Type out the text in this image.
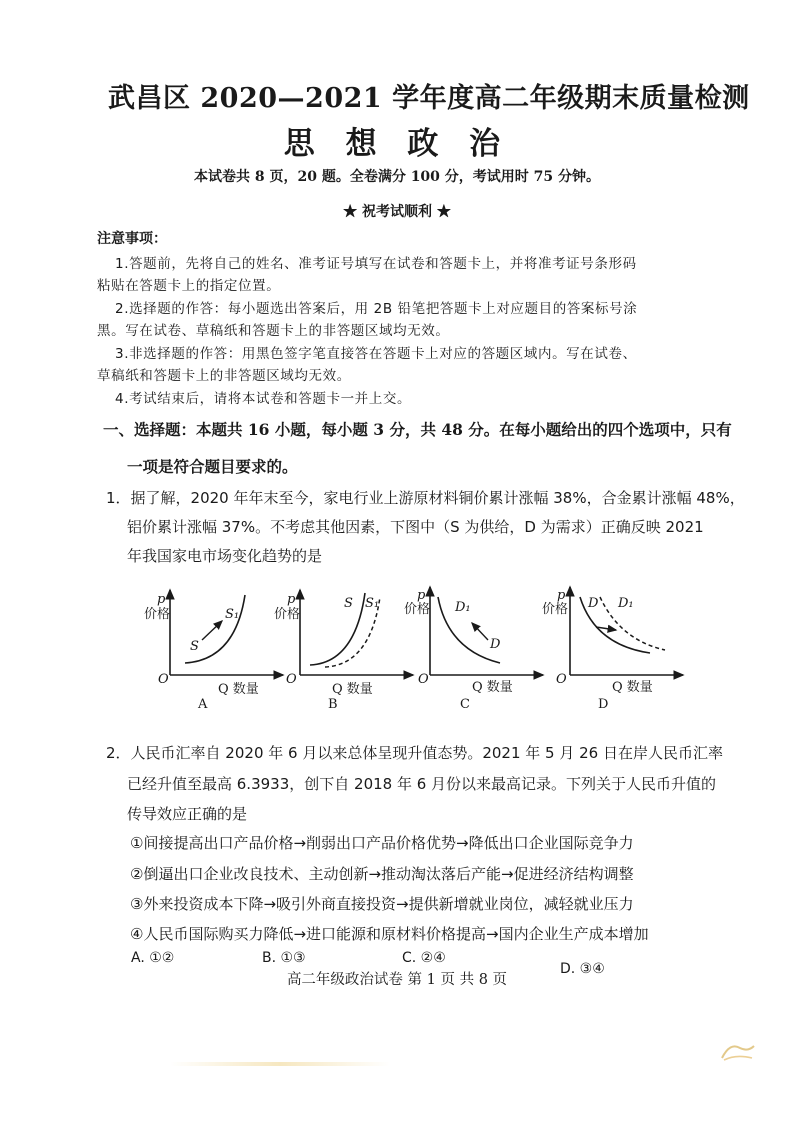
武昌区 2020—2021 学年度高二年级期末质量检测
思 想 政 治
本试卷共 8 页，20 题。全卷满分 100 分，考试用时 75 分钟。
★ 祝考试顺利 ★
注意事项：
1.答题前，先将自己的姓名、准考证号填写在试卷和答题卡上，并将准考证号条形码
粘贴在答题卡上的指定位置。
2.选择题的作答：每小题选出答案后，用 2B 铅笔把答题卡上对应题目的答案标号涂
黑。写在试卷、草稿纸和答题卡上的非答题区域均无效。
3.非选择题的作答：用黑色签字笔直接答在答题卡上对应的答题区域内。写在试卷、
草稿纸和答题卡上的非答题区域均无效。
4.考试结束后，请将本试卷和答题卡一并上交。
一、选择题：本题共 16 小题，每小题 3 分，共 48 分。在每小题给出的四个选项中，只有
一项是符合题目要求的。
1．据了解，2020 年年末至今，家电行业上游原材料铜价累计涨幅 38%，合金累计涨幅 48%，
铝价累计涨幅 37%。不考虑其他因素，下图中（S 为供给，D 为需求）正确反映 2021
年我国家电市场变化趋势的是
p
价格	S₁
S
O
Q 数量
A
p
价格
S S₁
O
Q 数量
B
p
价格 D₁
D
O
Q 数量
C
p
价格 D D₁
O
Q 数量
D
2．人民币汇率自 2020 年 6 月以来总体呈现升值态势。2021 年 5 月 26 日在岸人民币汇率
已经升值至最高 6.3933，创下自 2018 年 6 月份以来最高记录。下列关于人民币升值的
传导效应正确的是
①间接提高出口产品价格→削弱出口产品价格优势→降低出口企业国际竞争力
②倒逼出口企业改良技术、主动创新→推动淘汰落后产能→促进经济结构调整
③外来投资成本下降→吸引外商直接投资→提供新增就业岗位，减轻就业压力
④人民币国际购买力降低→进口能源和原材料价格提高→国内企业生产成本增加
A. ①②	B. ①③	C. ②④
D. ③④
高二年级政治试卷 第 1 页 共 8 页
